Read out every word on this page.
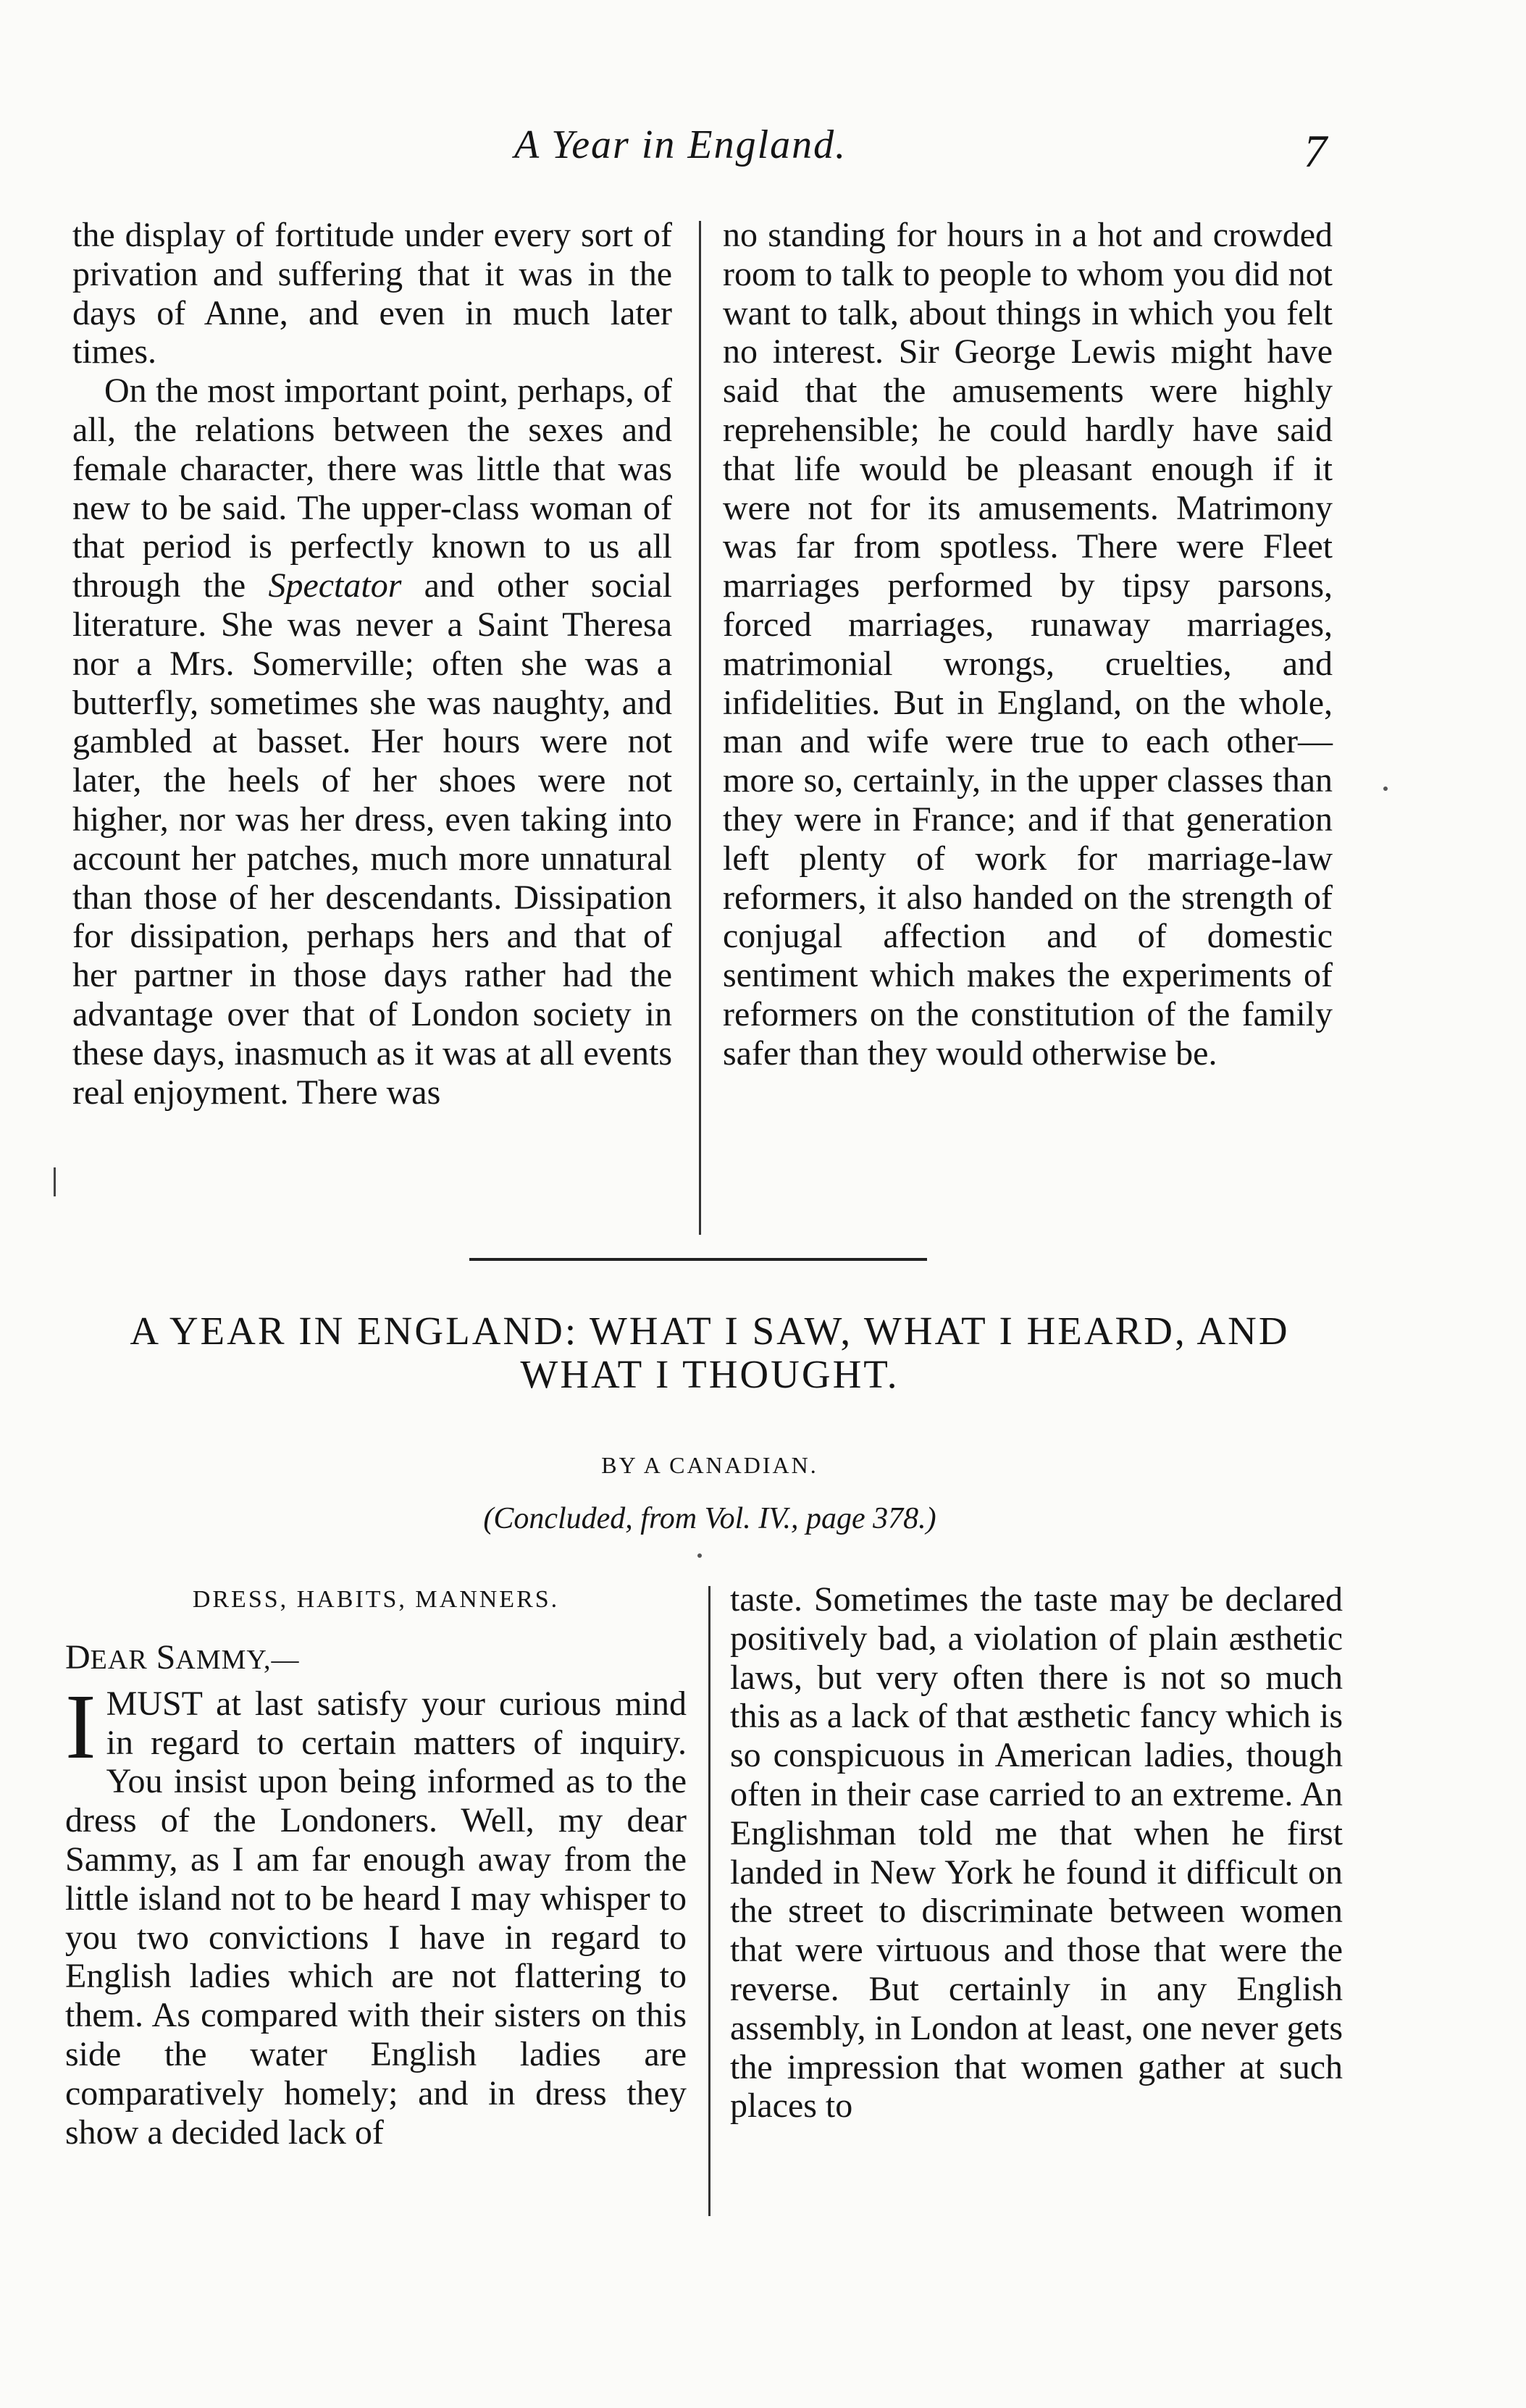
A Year in England.	7

the display of fortitude under every sort of privation and suffering that it was in the days of Anne, and even in much later times.

On the most important point, perhaps, of all, the relations between the sexes and female character, there was little that was new to be said. The upper-class woman of that period is perfectly known to us all through the Spectator and other social literature. She was never a Saint Theresa nor a Mrs. Somerville; often she was a butterfly, sometimes she was naughty, and gambled at basset. Her hours were not later, the heels of her shoes were not higher, nor was her dress, even taking into account her patches, much more unnatural than those of her descendants. Dissipation for dissipation, perhaps hers and that of her partner in those days rather had the advantage over that of London society in these days, inasmuch as it was at all events real enjoyment. There was

no standing for hours in a hot and crowded room to talk to people to whom you did not want to talk, about things in which you felt no interest. Sir George Lewis might have said that the amusements were highly reprehensible; he could hardly have said that life would be pleasant enough if it were not for its amusements. Matrimony was far from spotless. There were Fleet marriages performed by tipsy parsons, forced marriages, runaway marriages, matrimonial wrongs, cruelties, and infidelities. But in England, on the whole, man and wife were true to each other—more so, certainly, in the upper classes than they were in France; and if that generation left plenty of work for marriage-law reformers, it also handed on the strength of conjugal affection and of domestic sentiment which makes the experiments of reformers on the constitution of the family safer than they would otherwise be.

A YEAR IN ENGLAND: WHAT I SAW, WHAT I HEARD, AND
WHAT I THOUGHT.
BY A CANADIAN.
(Concluded, from Vol. IV., page 378.)

DRESS, HABITS, MANNERS.

DEAR SAMMY,—

IMUST at last satisfy your curious mind in regard to certain matters of inquiry. You insist upon being informed as to the dress of the Londoners. Well, my dear Sammy, as I am far enough away from the little island not to be heard I may whisper to you two convictions I have in regard to English ladies which are not flattering to them. As compared with their sisters on this side the water English ladies are comparatively homely; and in dress they show a decided lack of

taste. Sometimes the taste may be declared positively bad, a violation of plain æsthetic laws, but very often there is not so much this as a lack of that æsthetic fancy which is so conspicuous in American ladies, though often in their case carried to an extreme. An Englishman told me that when he first landed in New York he found it difficult on the street to discriminate between women that were virtuous and those that were the reverse. But certainly in any English assembly, in London at least, one never gets the impression that women gather at such places to
